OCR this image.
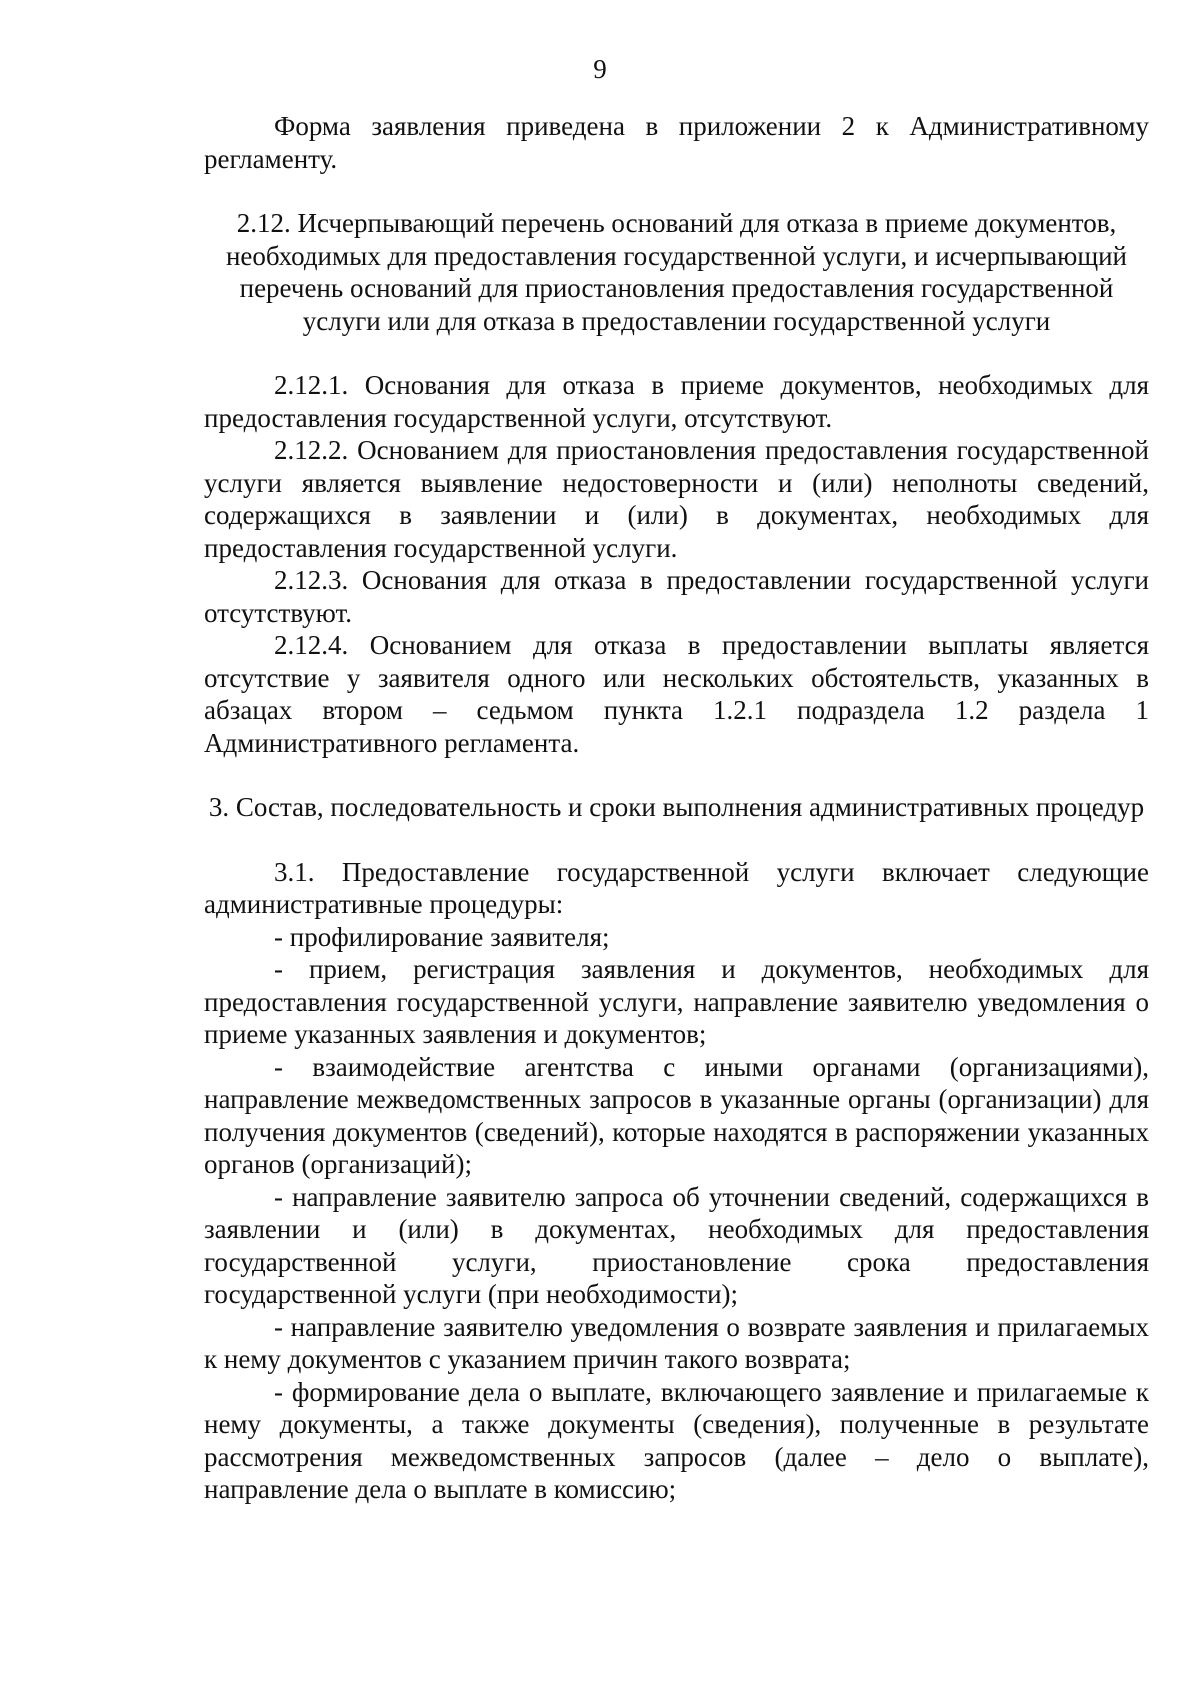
9

Форма заявления приведена в приложении 2 к Административному регламенту.

2.12. Исчерпывающий перечень оснований для отказа в приеме документов, необходимых для предоставления государственной услуги, и исчерпывающий перечень оснований для приостановления предоставления государственной услуги или для отказа в предоставлении государственной услуги

2.12.1. Основания для отказа в приеме документов, необходимых для предоставления государственной услуги, отсутствуют.

2.12.2. Основанием для приостановления предоставления государственной услуги является выявление недостоверности и (или) неполноты сведений, содержащихся в заявлении и (или) в документах, необходимых для предоставления государственной услуги.

2.12.3. Основания для отказа в предоставлении государственной услуги отсутствуют.

2.12.4. Основанием для отказа в предоставлении выплаты является отсутствие у заявителя одного или нескольких обстоятельств, указанных в абзацах втором – седьмом пункта 1.2.1 подраздела 1.2 раздела 1 Административного регламента.

3. Состав, последовательность и сроки выполнения административных процедур

3.1. Предоставление государственной услуги включает следующие административные процедуры:

- профилирование заявителя;

- прием, регистрация заявления и документов, необходимых для предоставления государственной услуги, направление заявителю уведомления о приеме указанных заявления и документов;

- взаимодействие агентства с иными органами (организациями), направление межведомственных запросов в указанные органы (организации) для получения документов (сведений), которые находятся в распоряжении указанных органов (организаций);

- направление заявителю запроса об уточнении сведений, содержащихся в заявлении и (или) в документах, необходимых для предоставления государственной услуги, приостановление срока предоставления государственной услуги (при необходимости);

- направление заявителю уведомления о возврате заявления и прилагаемых к нему документов с указанием причин такого возврата;

- формирование дела о выплате, включающего заявление и прилагаемые к нему документы, а также документы (сведения), полученные в результате рассмотрения межведомственных запросов (далее – дело о выплате), направление дела о выплате в комиссию;
